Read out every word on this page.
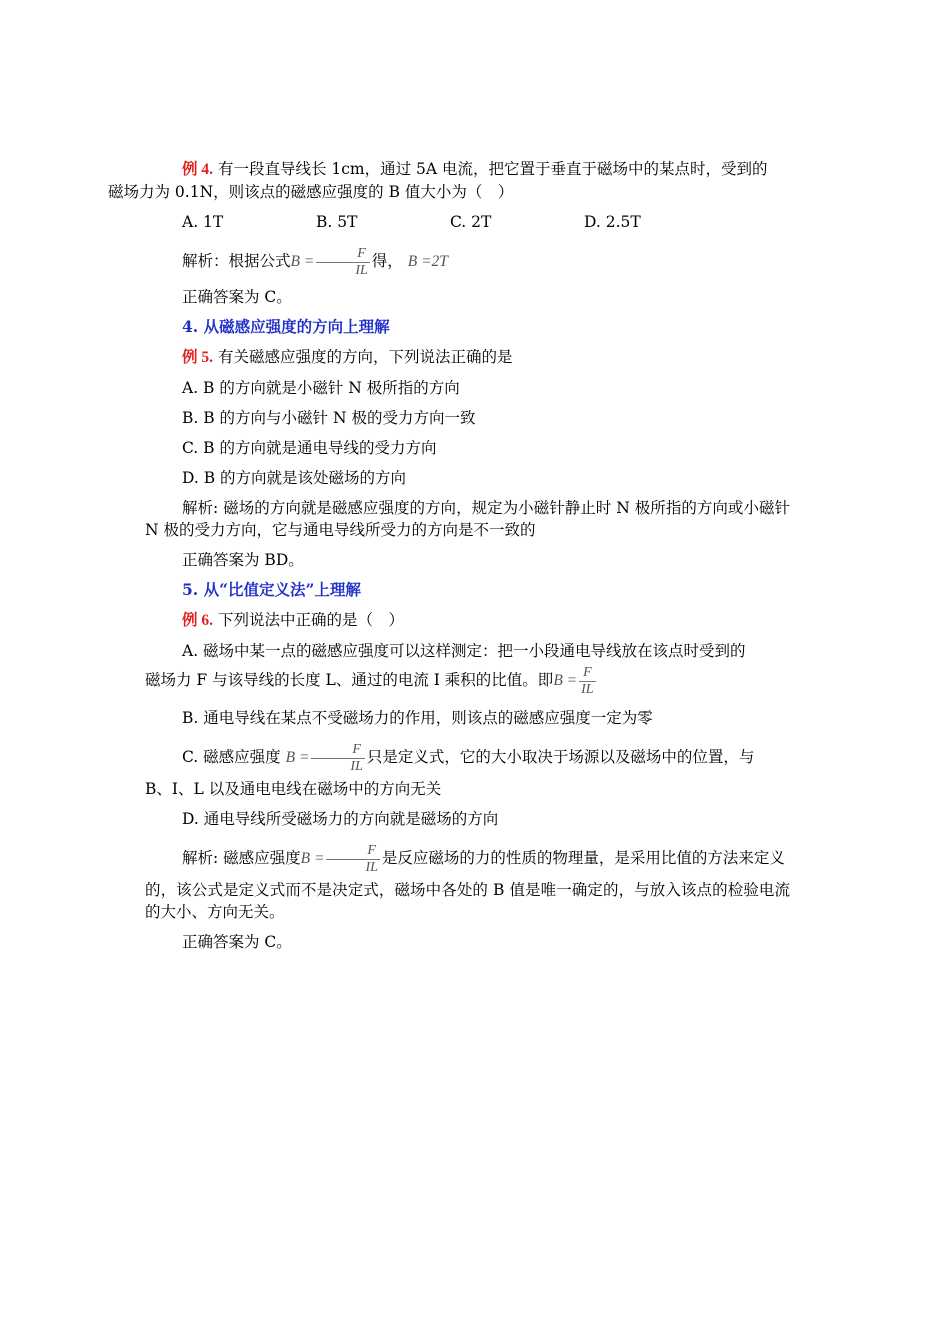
例 4. 有一段直导线长 1cm，通过 5A 电流，把它置于垂直于磁场中的某点时，受到的
磁场力为 0.1N，则该点的磁感应强度的 B 值大小为（　）

A. 1T	B. 5T	C. 2T	D. 2.5T

解析：根据公式$B = \frac{F}{IL}$ 得， B =2T

正确答案为 C。

4. 从磁感应强度的方向上理解

例 5. 有关磁感应强度的方向，下列说法正确的是

A. B 的方向就是小磁针 N 极所指的方向

B. B 的方向与小磁针 N 极的受力方向一致

C. B 的方向就是通电导线的受力方向

D. B 的方向就是该处磁场的方向

解析: 磁场的方向就是磁感应强度的方向，规定为小磁针静止时 N 极所指的方向或小磁针 N 极的受力方向，它与通电导线所受力的方向是不一致的

正确答案为 BD。

5. 从“比值定义法”上理解

例 6. 下列说法中正确的是（　）

A. 磁场中某一点的磁感应强度可以这样测定：把一小段通电导线放在该点时受到的

磁场力 F 与该导线的长度 L、通过的电流 I 乘积的比值。即$B = \frac{F}{IL}$

B. 通电导线在某点不受磁场力的作用，则该点的磁感应强度一定为零

C. 磁感应强度 $B = \frac{F}{IL}$ 只是定义式，它的大小取决于场源以及磁场中的位置，与

B、I、L 以及通电电线在磁场中的方向无关

D. 通电导线所受磁场力的方向就是磁场的方向

解析: 磁感应强度$B = \frac{F}{IL}$ 是反应磁场的力的性质的物理量，是采用比值的方法来定义

的，该公式是定义式而不是决定式，磁场中各处的 B 值是唯一确定的，与放入该点的检验电流的大小、方向无关。

正确答案为 C。
